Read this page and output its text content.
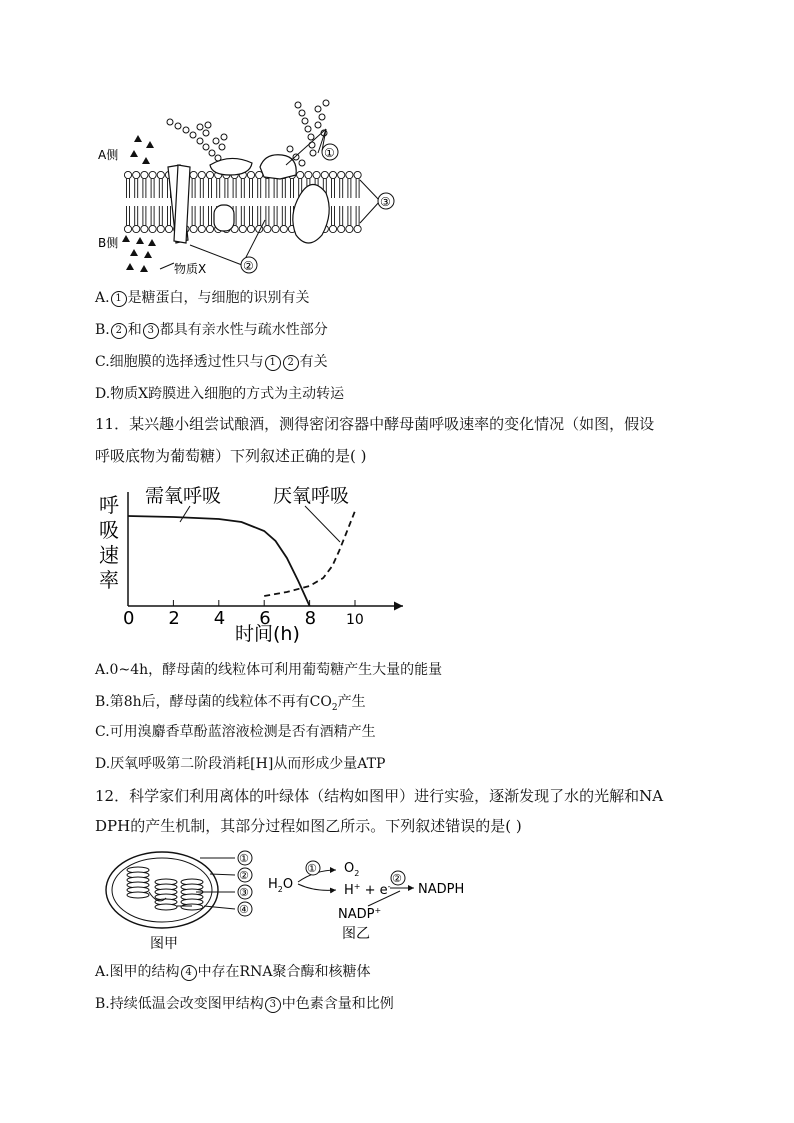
A侧
B侧
物质X
①
②
③
A. 1 是糖蛋白，与细胞的识别有关
B. 2 和 3 都具有亲水性与疏水性部分
C.细胞膜的选择透过性只与 1 2 有关
D.物质X跨膜进入细胞的方式为主动转运
11．某兴趣小组尝试酿酒，测得密闭容器中酵母菌呼吸速率的变化情况（如图，假设
呼吸底物为葡萄糖）下列叙述正确的是( )
呼吸速率
0 2 4 6 8 10
需氧呼吸	厌氧呼吸
时间(h)
A.0~4h，酵母菌的线粒体可利用葡萄糖产生大量的能量
B.第8h后，酵母菌的线粒体不再有$CO_2$产生
C.可用溴麝香草酚蓝溶液检测是否有酒精产生
D.厌氧呼吸第二阶段消耗[H]从而形成少量ATP
12．科学家们利用离体的叶绿体（结构如图甲）进行实验，逐渐发现了水的光解和NA
DPH的产生机制，其部分过程如图乙所示。下列叙述错误的是( )
①
②
③
④
图甲
$H_2O$
① $O_2$
H+ + e-
②
NADPH
NADP+
图乙
A.图甲的结构 4 中存在RNA聚合酶和核糖体
B.持续低温会改变图甲结构 3 中色素含量和比例
